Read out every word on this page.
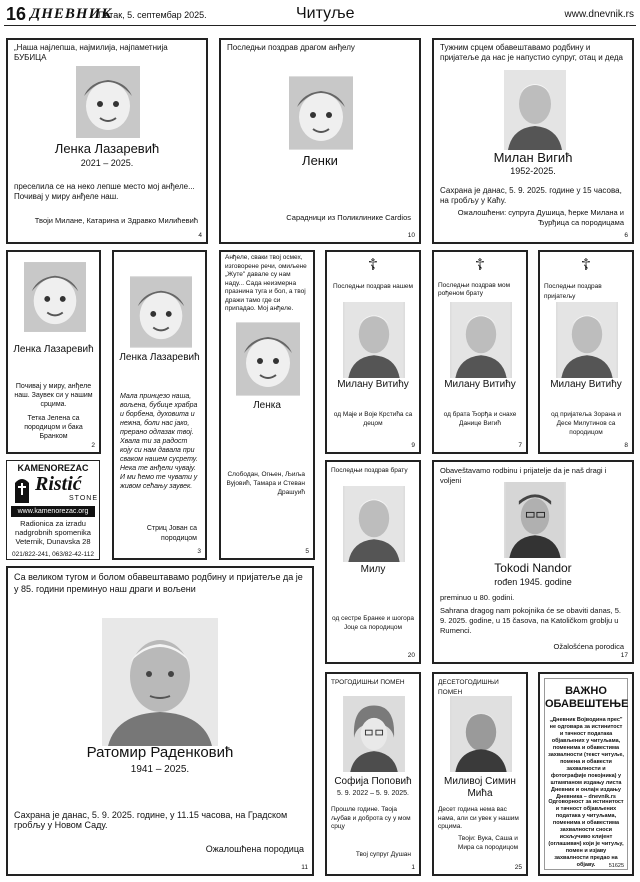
16 ДНЕВНИК
Петак, 5. септембар 2025.	Читуље	www.dnevnik.rs
„Наша најлепша, најмилија, најпаметнија БУБИЦА
Ленка Лазаревић
2021 – 2025.
преселила се на неко лепше место мој анђеле... Почивај у миру анђеле наш.
Твоји Милане, Катарина и Здравко Милићевић
4
Последњи поздрав драгом анђелу
Ленки
Сарадници из Поликлинике Cardios
10
Тужним срцем обавештавамо родбину и пријатеље да нас је напустио супруг, отац и деда
Милан Вигић
1952-2025.
Сахрана је данас, 5. 9. 2025. године у 15 часова, на гробљу у Каћу.
Ожалошћени: супруга Душица, ћерке Милана и Ђурђица са породицама
6
Ленка Лазаревић
Почивај у миру, анђеле наш. Заувек си у нашим срцима.
Тетка Јелена са породицом и бака Бранком
2
KAMENOREZAC
Ristić
STONE
www.kamenorezac.org
Radionica za izradu nadgrobnih spomenika Veternik, Dunavska 28
021/822-241, 063/82-42-112
Ленка Лазаревић
Мала принцезо наша, вољена, бубице храбра и борбена, духовита и нежна, боли нас јако, прерано одлазак твој. Хвала ти за радост коју си нам давала при сваком нашем сусрету. Нека те анђели чувају. И ми ћемо те чувати у живом сећању заувек.
Стриц Јован са породицом
3
Анђеле, сваки твој осмех, изговорене речи, омиљене „Жуте" давале су нам наду... Сада неизмерна празнина туга и бол, а твој дражи тамо где си припадао. Мој анђеле.
Ленка
Слободан, Огњен, Љиља Вујовић, Тамара и Стеван Драшуић
5
☦
Последњи поздрав нашем
Милану Витићу
од Маје и Воје Крстића са децом
9
☦
Последњи поздрав мом рођеном брату
Милану Витићу
од брата Ђорђа и снахе Данице Вигић
7
☦
Последњи поздрав пријатељу
Милану Витићу
од пријатеља Зорана и Десе Милутинов са породицом
8
Последњи поздрав брату
Милу
од сестре Бранке и шогора Јоце са породицом
20
Obaveštavamo rodbinu i prijatelje da je naš dragi i voljeni
Tokodi Nandor
rođen 1945. godine
preminuo u 80. godini.
Sahrana dragog nam pokojnika će se obaviti danas, 5. 9. 2025. godine, u 15 časova, na Katoličkom groblju u Rumenci.
Ožalošćena porodica
17
Са великом тугом и болом обавештавамо родбину и пријатеље да је у 85. години преминуо наш драги и вољени
Ратомир Раденковић
1941 – 2025.
Сахрана је данас, 5. 9. 2025. године, у 11.15 часова, на Градском гробљу у Новом Саду.
Ожалошћена породица
11
ТРОГОДИШЊИ ПОМЕН
Софија Поповић
5. 9. 2022 – 5. 9. 2025.
Прошле године. Твоја љубав и доброта су у мом срцу
Твој супруг Душан
1
ДЕСЕТОГОДИШЊИ ПОМЕН
Миливој Симин Мића
Десет година нема вас нама, али си увек у нашим срцима.
Твоји: Вука, Саша и Мира са породицом
25
ВАЖНО ОБАВЕШТЕЊЕ
„Дневник Војводина прес" не одговара за истинитост и тачност података објављених у читуљама, поменима и обавестима захвалности (текст читуље, помена и обавести захвалности и фотографије покојника) у штампаном издању листа Дневник и онлајн издању Дневника – dnevnik.rs
Одговорност за истинитост и тачност објављених података у читуљама, поменима и обавестима захвалности сноси искључиво клијент (оглашивач) који је читуљу, помен и изјаву захвалности предао на објаву.	51625
